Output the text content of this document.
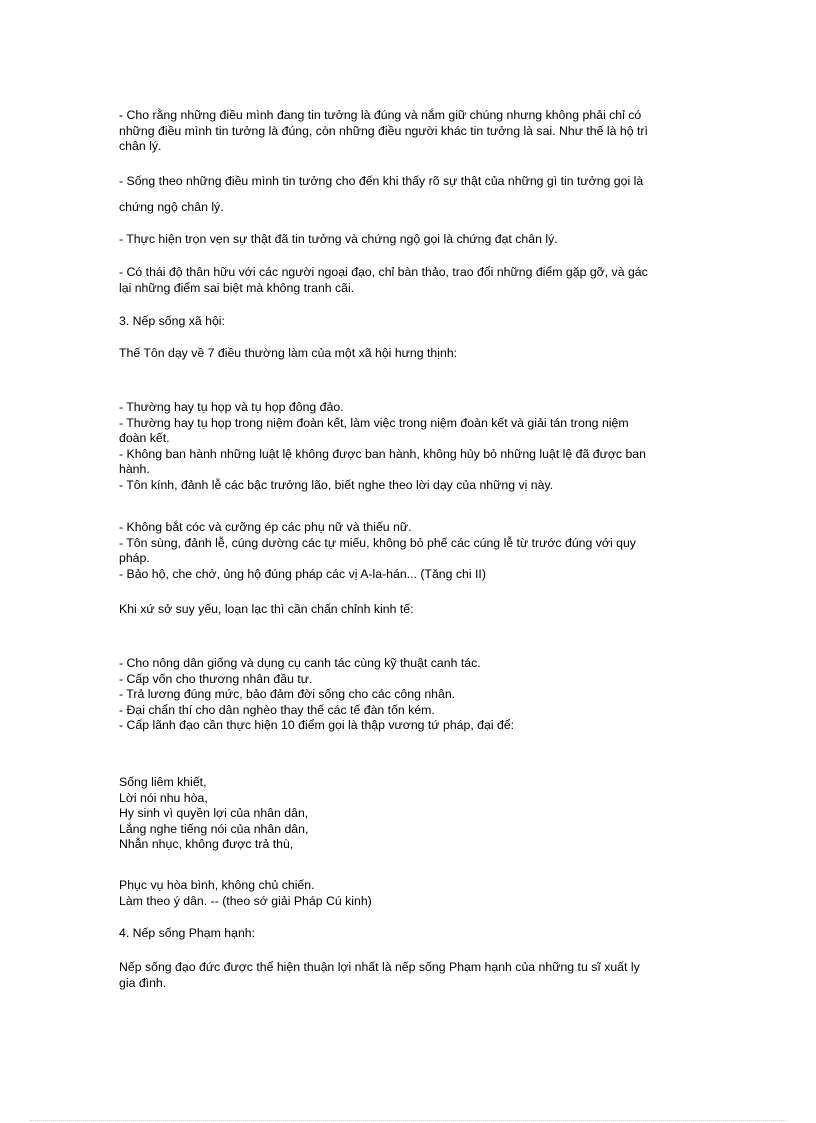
- Cho rằng những điều mình đang tin tưởng là đúng và nắm giữ chúng nhưng không phải chỉ có
những điều mình tin tưởng là đúng, còn những điều người khác tin tưởng là sai. Như thế là hộ trì
chân lý.

- Sống theo những điều mình tin tưởng cho đến khi thấy rõ sự thật của những gì tin tưởng gọi là

chứng ngộ chân lý.

- Thực hiện trọn vẹn sự thật đã tin tưởng và chứng ngộ gọi là chứng đạt chân lý.

- Có thái độ thân hữu với các người ngoại đạo, chỉ bàn thảo, trao đổi những điểm gặp gỡ, và gác
lại những điểm sai biệt mà không tranh cãi.

3. Nếp sống xã hội:

Thế Tôn dạy về 7 điều thường làm của một xã hội hưng thịnh:

- Thường hay tụ họp và tụ họp đông đảo.
- Thường hay tụ họp trong niệm đoàn kết, làm việc trong niệm đoàn kết và giải tán trong niệm
đoàn kết.
- Không ban hành những luật lệ không được ban hành, không hủy bỏ những luật lệ đã được ban
hành.
- Tôn kính, đảnh lễ các bậc trưởng lão, biết nghe theo lời dạy của những vị này.

- Không bắt cóc và cưỡng ép các phụ nữ và thiếu nữ.
- Tôn sùng, đảnh lễ, cúng dường các tự miếu, không bỏ phế các cúng lễ từ trước đúng với quy
pháp.
- Bảo hộ, che chở, ủng hộ đúng pháp các vị A-la-hán... (Tăng chi II)

Khi xứ sở suy yếu, loạn lạc thì cần chấn chỉnh kinh tế:

- Cho nông dân giống và dụng cụ canh tác cùng kỹ thuật canh tác.
- Cấp vốn cho thương nhân đầu tư.
- Trả lương đúng mức, bảo đảm đời sống cho các công nhân.
- Đại chẩn thí cho dân nghèo thay thế các tế đàn tốn kém.
- Cấp lãnh đạo cần thực hiện 10 điểm gọi là thập vương tứ pháp, đại để:

Sống liêm khiết,
Lời nói nhu hòa,
Hy sinh vì quyền lợi của nhân dân,
Lắng nghe tiếng nói của nhân dân,
Nhẫn nhục, không được trả thù,

Phục vụ hòa bình, không chủ chiến.
Làm theo ý dân. -- (theo sớ giải Pháp Cú kinh)

4. Nếp sống Phạm hạnh:

Nếp sống đạo đức được thể hiện thuận lợi nhất là nếp sống Phạm hạnh của những tu sĩ xuất ly
gia đình.
